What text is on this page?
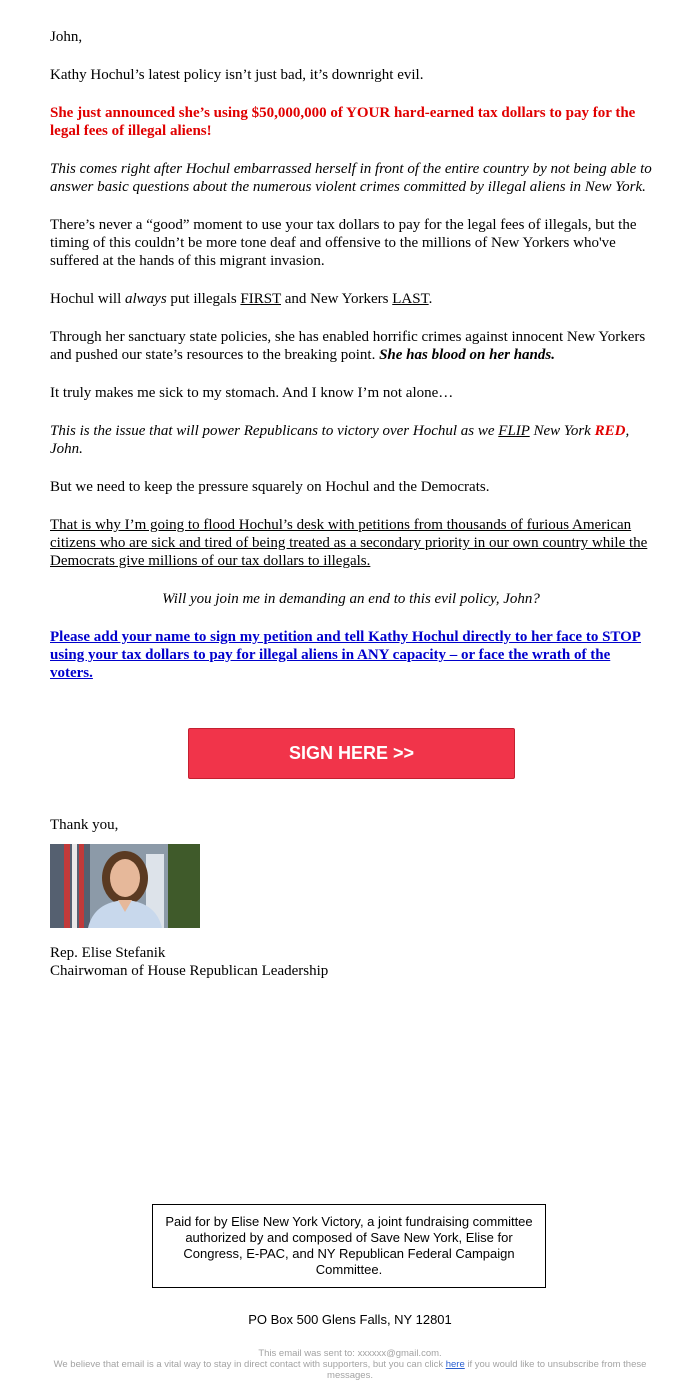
John,

Kathy Hochul’s latest policy isn’t just bad, it’s downright evil.

She just announced she’s using $50,000,000 of YOUR hard-earned tax dollars to pay for the legal fees of illegal aliens!

This comes right after Hochul embarrassed herself in front of the entire country by not being able to answer basic questions about the numerous violent crimes committed by illegal aliens in New York.

There’s never a “good” moment to use your tax dollars to pay for the legal fees of illegals, but the timing of this couldn’t be more tone deaf and offensive to the millions of New Yorkers who've suffered at the hands of this migrant invasion.

Hochul will always put illegals FIRST and New Yorkers LAST.

Through her sanctuary state policies, she has enabled horrific crimes against innocent New Yorkers and pushed our state’s resources to the breaking point. She has blood on her hands.

It truly makes me sick to my stomach. And I know I’m not alone…

This is the issue that will power Republicans to victory over Hochul as we FLIP New York RED, John.

But we need to keep the pressure squarely on Hochul and the Democrats.

That is why I’m going to flood Hochul’s desk with petitions from thousands of furious American citizens who are sick and tired of being treated as a secondary priority in our own country while the Democrats give millions of our tax dollars to illegals.

Will you join me in demanding an end to this evil policy, John?

Please add your name to sign my petition and tell Kathy Hochul directly to her face to STOP using your tax dollars to pay for illegal aliens in ANY capacity – or face the wrath of the voters.

SIGN HERE >>
Thank you,
Rep. Elise Stefanik
Chairwoman of House Republican Leadership
Paid for by Elise New York Victory, a joint fundraising committee authorized by and composed of Save New York, Elise for Congress, E-PAC, and NY Republican Federal Campaign Committee.
PO Box 500 Glens Falls, NY 12801
This email was sent to: xxxxxx@gmail.com.
We believe that email is a vital way to stay in direct contact with supporters, but you can click here if you would like to unsubscribe from these messages.
